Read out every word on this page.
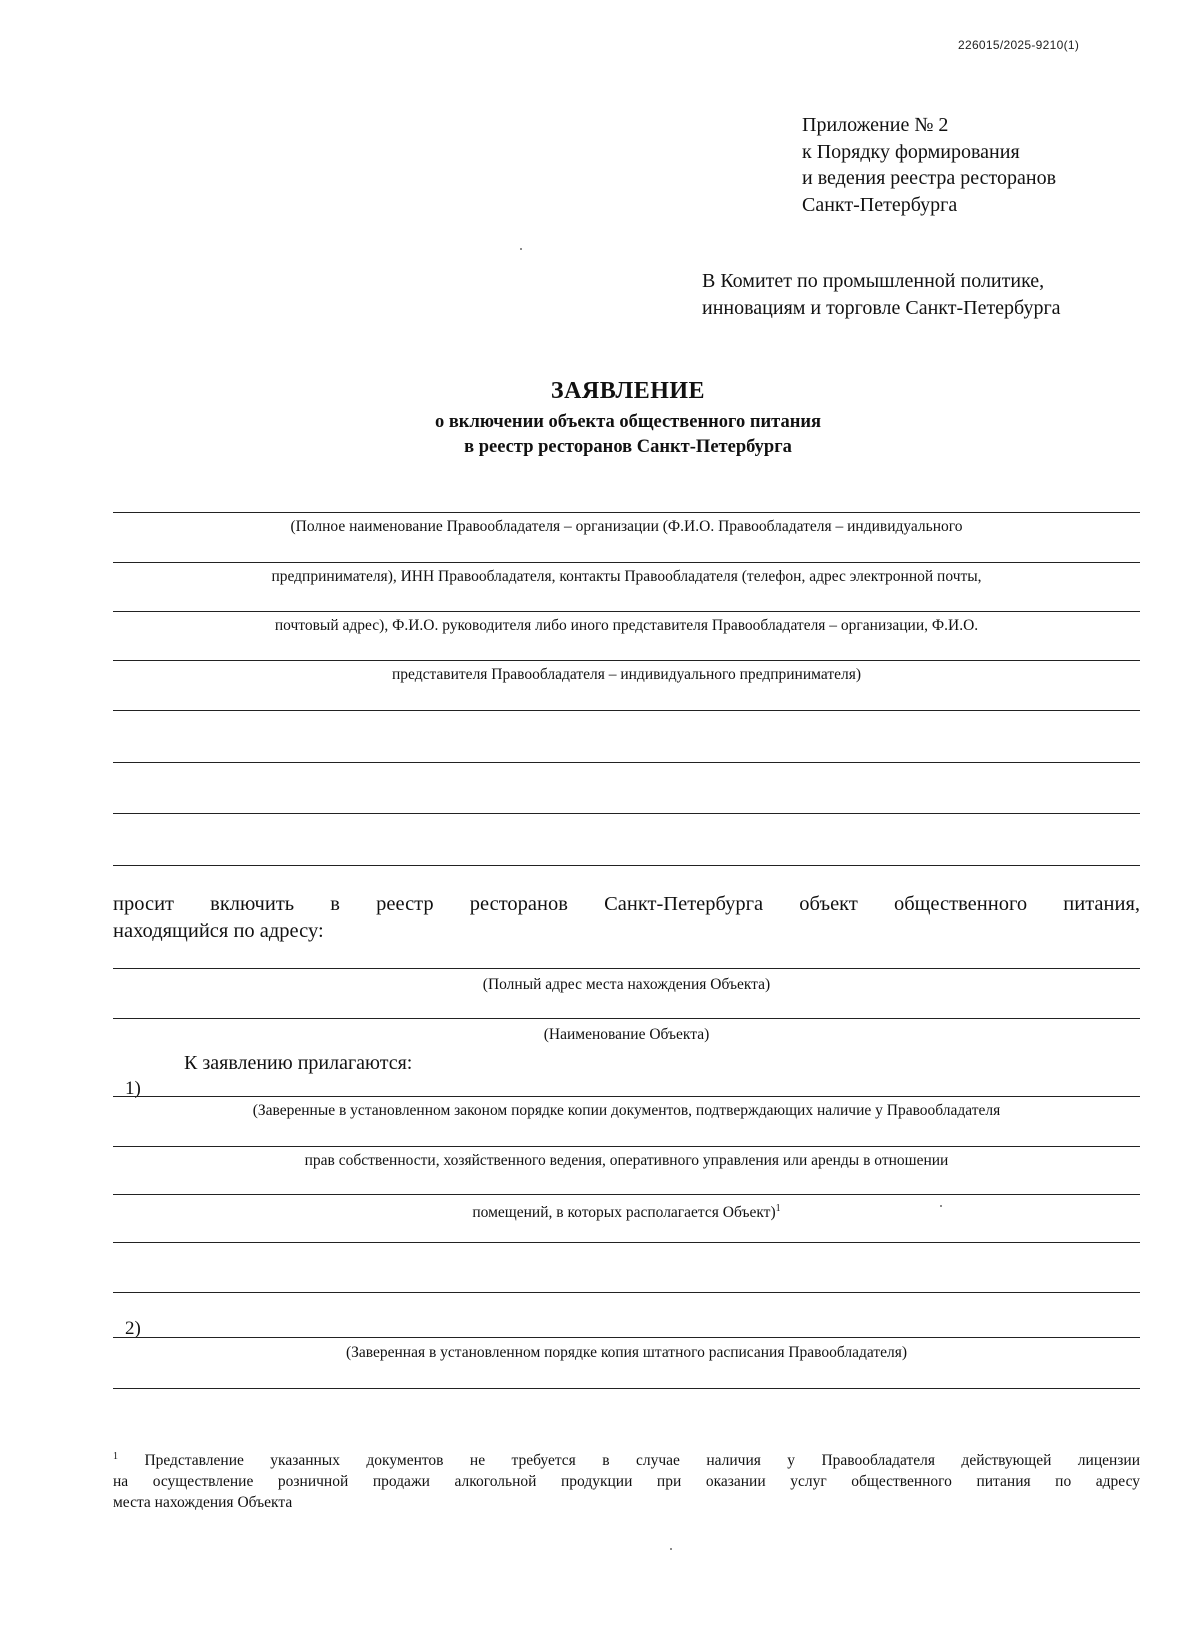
226015/2025-9210(1)
Приложение № 2
к Порядку формирования
и ведения реестра ресторанов
Санкт-Петербурга
В Комитет по промышленной политике,
инновациям и торговле Санкт-Петербурга
ЗАЯВЛЕНИЕ
о включении объекта общественного питания
в реестр ресторанов Санкт-Петербурга
(Полное наименование Правообладателя – организации (Ф.И.О. Правообладателя – индивидуального
предпринимателя), ИНН Правообладателя, контакты Правообладателя (телефон, адрес электронной почты,
почтовый адрес), Ф.И.О. руководителя либо иного представителя Правообладателя – организации, Ф.И.О.
представителя Правообладателя – индивидуального предпринимателя)
просит включить в реестр ресторанов Санкт-Петербурга объект общественного питания,
находящийся по адресу:
(Полный адрес места нахождения Объекта)
(Наименование Объекта)
К заявлению прилагаются:
1)
(Заверенные в установленном законом порядке копии документов, подтверждающих наличие у Правообладателя
прав собственности, хозяйственного ведения, оперативного управления или аренды в отношении
помещений, в которых располагается Объект)$^1$
2)
(Заверенная в установленном порядке копия штатного расписания Правообладателя)
$^1$ Представление указанных документов не требуется в случае наличия у Правообладателя действующей лицензии
на осуществление розничной продажи алкогольной продукции при оказании услуг общественного питания по адресу
места нахождения Объекта
